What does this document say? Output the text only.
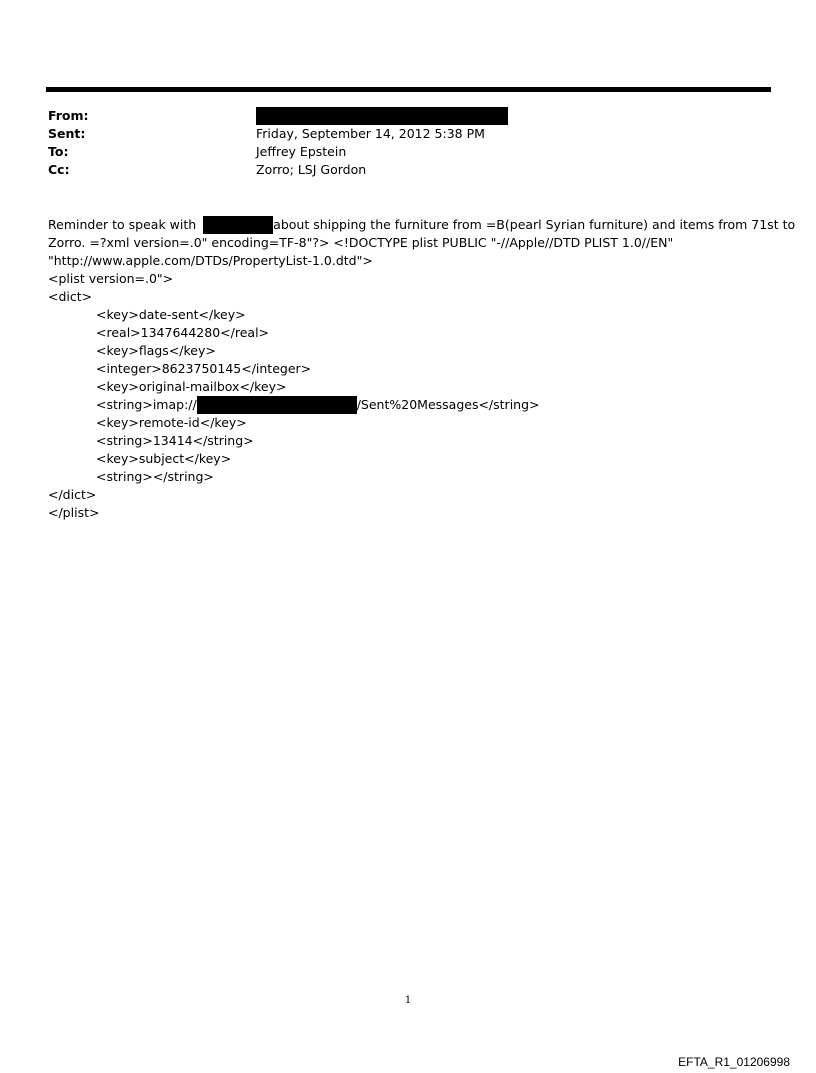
From:
Sent:	Friday, September 14, 2012 5:38 PM
To:	Jeffrey Epstein
Cc:	Zorro; LSJ Gordon
Reminder to speak with	about shipping the furniture from =B(pearl Syrian furniture) and items from 71st to
Zorro. =?xml version=.0" encoding=TF-8"?> <!DOCTYPE plist PUBLIC "-//Apple//DTD PLIST 1.0//EN"
"http://www.apple.com/DTDs/PropertyList-1.0.dtd">
<plist version=.0">
<dict>
<key>date-sent</key>
<real>1347644280</real>
<key>flags</key>
<integer>8623750145</integer>
<key>original-mailbox</key>
<string>imap://	/Sent%20Messages</string>
<key>remote-id</key>
<string>13414</string>
<key>subject</key>
<string></string>
</dict>
</plist>
1
EFTA_R1_01206998
